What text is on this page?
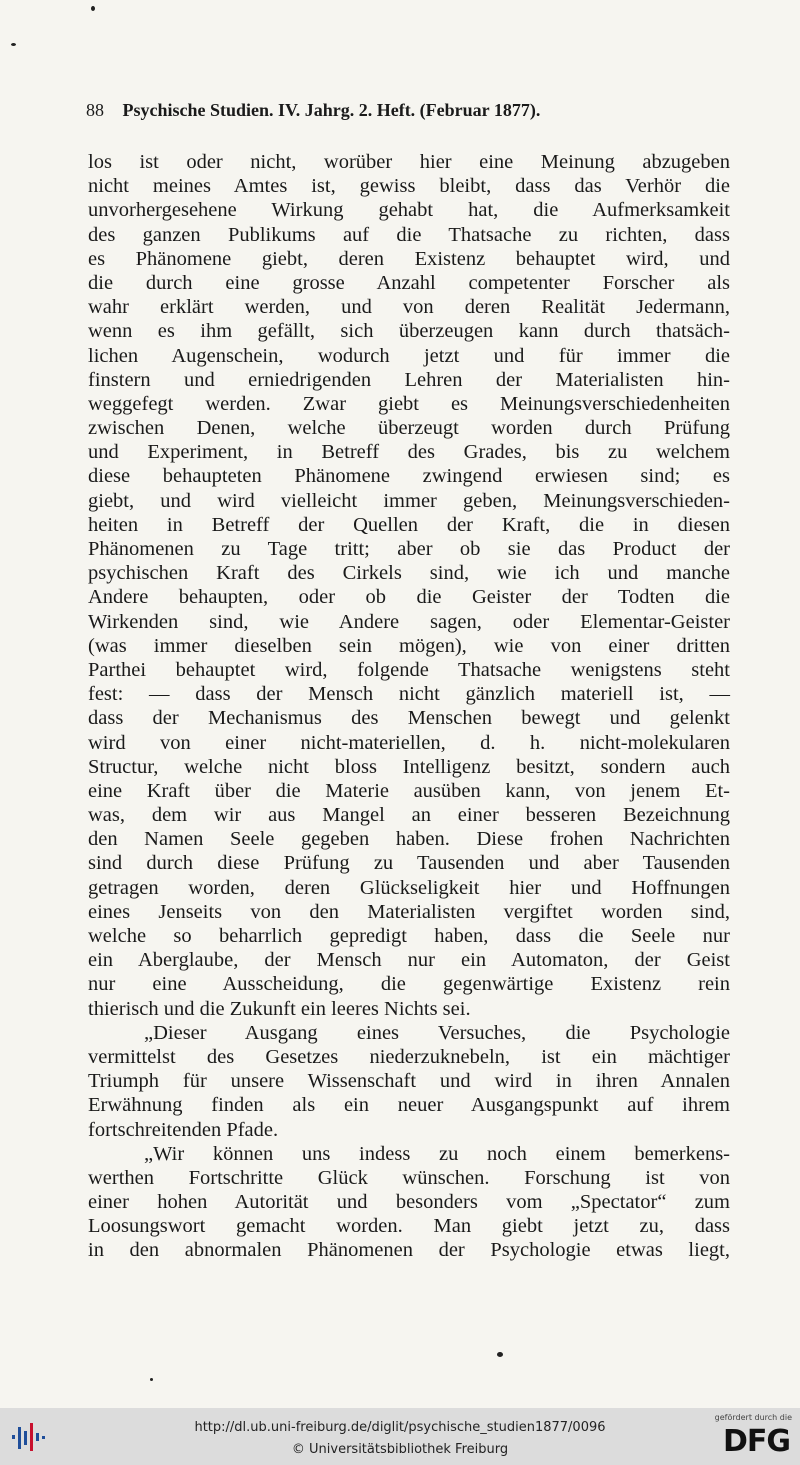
88 Psychische Studien. IV. Jahrg. 2. Heft. (Februar 1877).
los ist oder nicht, worüber hier eine Meinung abzugeben
nicht meines Amtes ist, gewiss bleibt, dass das Verhör die
unvorhergesehene Wirkung gehabt hat, die Aufmerksamkeit
des ganzen Publikums auf die Thatsache zu richten, dass
es Phänomene giebt, deren Existenz behauptet wird, und
die durch eine grosse Anzahl competenter Forscher als
wahr erklärt werden, und von deren Realität Jedermann,
wenn es ihm gefällt, sich überzeugen kann durch thatsäch-
lichen Augenschein, wodurch jetzt und für immer die
finstern und erniedrigenden Lehren der Materialisten hin-
weggefegt werden. Zwar giebt es Meinungsverschiedenheiten
zwischen Denen, welche überzeugt worden durch Prüfung
und Experiment, in Betreff des Grades, bis zu welchem
diese behaupteten Phänomene zwingend erwiesen sind; es
giebt, und wird vielleicht immer geben, Meinungsverschieden-
heiten in Betreff der Quellen der Kraft, die in diesen
Phänomenen zu Tage tritt; aber ob sie das Product der
psychischen Kraft des Cirkels sind, wie ich und manche
Andere behaupten, oder ob die Geister der Todten die
Wirkenden sind, wie Andere sagen, oder Elementar-Geister
(was immer dieselben sein mögen), wie von einer dritten
Parthei behauptet wird, folgende Thatsache wenigstens steht
fest: — dass der Mensch nicht gänzlich materiell ist, —
dass der Mechanismus des Menschen bewegt und gelenkt
wird von einer nicht-materiellen, d. h. nicht-molekularen
Structur, welche nicht bloss Intelligenz besitzt, sondern auch
eine Kraft über die Materie ausüben kann, von jenem Et-
was, dem wir aus Mangel an einer besseren Bezeichnung
den Namen Seele gegeben haben. Diese frohen Nachrichten
sind durch diese Prüfung zu Tausenden und aber Tausenden
getragen worden, deren Glückseligkeit hier und Hoffnungen
eines Jenseits von den Materialisten vergiftet worden sind,
welche so beharrlich gepredigt haben, dass die Seele nur
ein Aberglaube, der Mensch nur ein Automaton, der Geist
nur eine Ausscheidung, die gegenwärtige Existenz rein
thierisch und die Zukunft ein leeres Nichts sei.
„Dieser Ausgang eines Versuches, die Psychologie
vermittelst des Gesetzes niederzuknebeln, ist ein mächtiger
Triumph für unsere Wissenschaft und wird in ihren Annalen
Erwähnung finden als ein neuer Ausgangspunkt auf ihrem
fortschreitenden Pfade.
„Wir können uns indess zu noch einem bemerkens-
werthen Fortschritte Glück wünschen. Forschung ist von
einer hohen Autorität und besonders vom „Spectator“ zum
Loosungswort gemacht worden. Man giebt jetzt zu, dass
in den abnormalen Phänomenen der Psychologie etwas liegt,
http://dl.ub.uni-freiburg.de/diglit/psychische_studien1877/0096
© Universitätsbibliothek Freiburg
gefördert durch die
DFG
